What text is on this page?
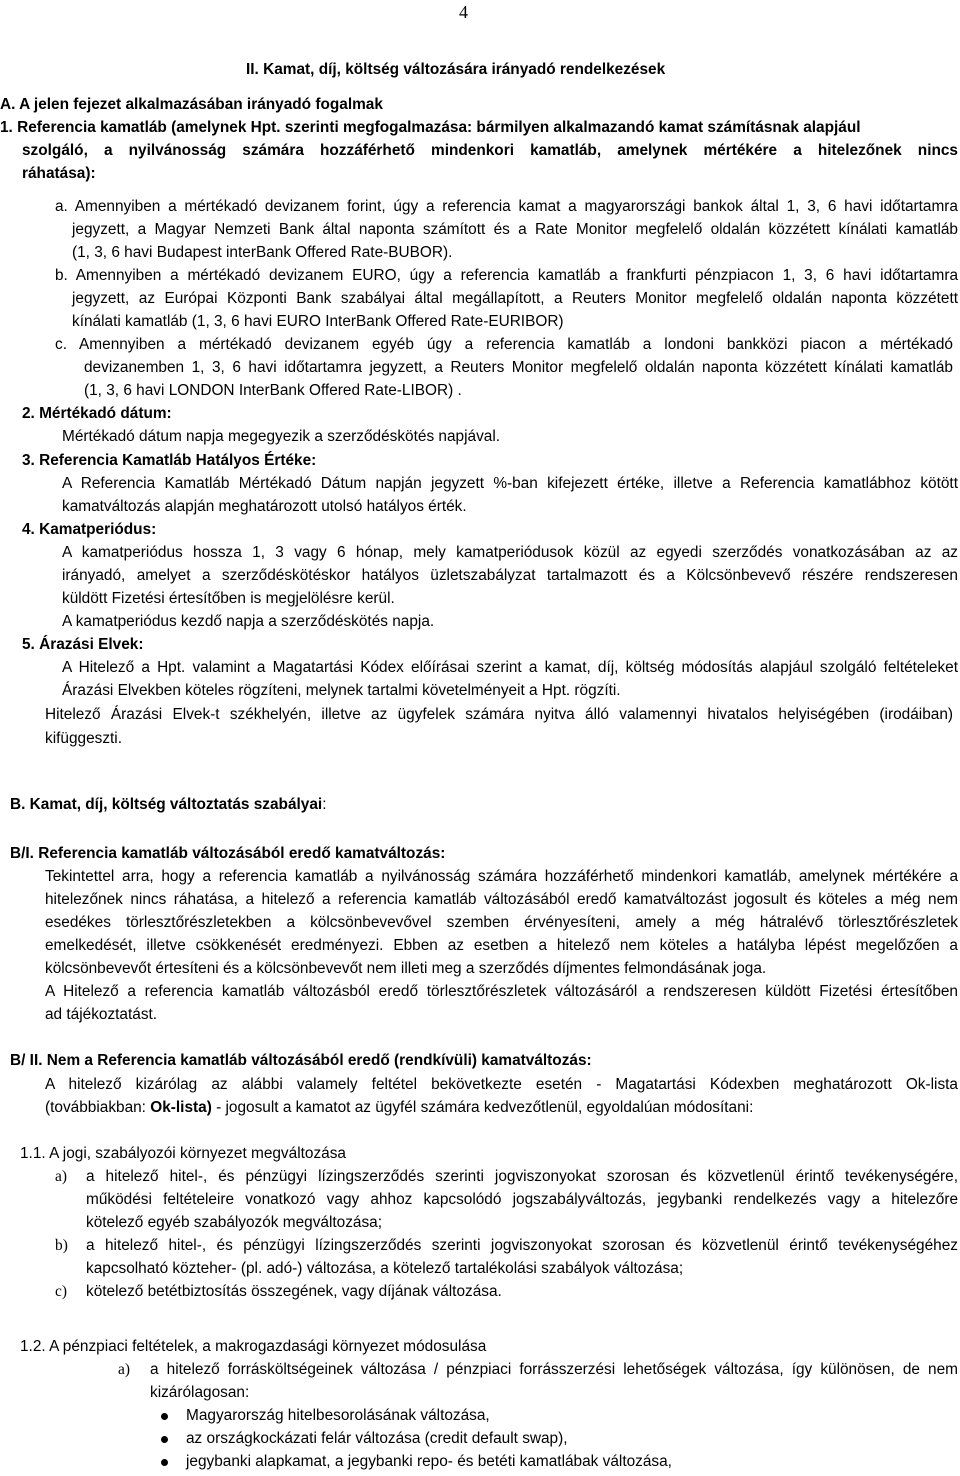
4
II. Kamat, díj, költség változására irányadó rendelkezések
A. A jelen fejezet alkalmazásában irányadó fogalmak
1. Referencia kamatláb (amelynek Hpt. szerinti megfogalmazása: bármilyen alkalmazandó kamat számításnak alapjául
szolgáló, a nyilvánosság számára hozzáférhető mindenkori kamatláb, amelynek mértékére a hitelezőnek nincs
ráhatása):
a. Amennyiben a mértékadó devizanem forint, úgy a referencia kamat a magyarországi bankok által 1, 3, 6 havi időtartamra
jegyzett, a Magyar Nemzeti Bank által naponta számított és a Rate Monitor megfelelő oldalán közzétett kínálati kamatláb
(1, 3, 6 havi Budapest interBank Offered Rate-BUBOR).
b. Amennyiben a mértékadó devizanem EURO, úgy a referencia kamatláb a frankfurti pénzpiacon 1, 3, 6 havi időtartamra
jegyzett, az Európai Központi Bank szabályai által megállapított, a Reuters Monitor megfelelő oldalán naponta közzétett
kínálati kamatláb (1, 3, 6 havi EURO InterBank Offered Rate-EURIBOR)
c. Amennyiben a mértékadó devizanem egyéb úgy a referencia kamatláb a londoni bankközi piacon a mértékadó
devizanemben 1, 3, 6 havi időtartamra jegyzett, a Reuters Monitor megfelelő oldalán naponta közzétett kínálati kamatláb
(1, 3, 6 havi LONDON InterBank Offered Rate-LIBOR) .
2. Mértékadó dátum:
Mértékadó dátum napja megegyezik a szerződéskötés napjával.
3. Referencia Kamatláb Hatályos Értéke:
A Referencia Kamatláb Mértékadó Dátum napján jegyzett %-ban kifejezett értéke, illetve a Referencia kamatlábhoz kötött
kamatváltozás alapján meghatározott utolsó hatályos érték.
4. Kamatperiódus:
A kamatperiódus hossza 1, 3 vagy 6 hónap, mely kamatperiódusok közül az egyedi szerződés vonatkozásában az az
irányadó, amelyet a szerződéskötéskor hatályos üzletszabályzat tartalmazott és a Kölcsönbevevő részére rendszeresen
küldött Fizetési értesítőben is megjelölésre kerül.
A kamatperiódus kezdő napja a szerződéskötés napja.
5. Árazási Elvek:
A Hitelező a Hpt. valamint a Magatartási Kódex előírásai szerint a kamat, díj, költség módosítás alapjául szolgáló feltételeket
Árazási Elvekben köteles rögzíteni, melynek tartalmi követelményeit a Hpt. rögzíti.
Hitelező Árazási Elvek-t székhelyén, illetve az ügyfelek számára nyitva álló valamennyi hivatalos helyiségében (irodáiban)
kifüggeszti.
B. Kamat, díj, költség változtatás szabályai:
B/I. Referencia kamatláb változásából eredő kamatváltozás:
Tekintettel arra, hogy a referencia kamatláb a nyilvánosság számára hozzáférhető mindenkori kamatláb, amelynek mértékére a
hitelezőnek nincs ráhatása, a hitelező a referencia kamatláb változásából eredő kamatváltozást jogosult és köteles a még nem
esedékes törlesztőrészletekben a kölcsönbevevővel szemben érvényesíteni, amely a még hátralévő törlesztőrészletek
emelkedését, illetve csökkenését eredményezi. Ebben az esetben a hitelező nem köteles a hatályba lépést megelőzően a
kölcsönbevevőt értesíteni és a kölcsönbevevőt nem illeti meg a szerződés díjmentes felmondásának joga.
A Hitelező a referencia kamatláb változásból eredő törlesztőrészletek változásáról a rendszeresen küldött Fizetési értesítőben
ad tájékoztatást.
B/ II. Nem a Referencia kamatláb változásából eredő (rendkívüli) kamatváltozás:
A hitelező kizárólag az alábbi valamely feltétel bekövetkezte esetén - Magatartási Kódexben meghatározott Ok-lista
(továbbiakban: Ok-lista) - jogosult a kamatot az ügyfél számára kedvezőtlenül, egyoldalúan módosítani:
1.1. A jogi, szabályozói környezet megváltozása
a) a hitelező hitel-, és pénzügyi lízingszerződés szerinti jogviszonyokat szorosan és közvetlenül érintő tevékenységére,
működési feltételeire vonatkozó vagy ahhoz kapcsolódó jogszabályváltozás, jegybanki rendelkezés vagy a hitelezőre
kötelező egyéb szabályozók megváltozása;
b) a hitelező hitel-, és pénzügyi lízingszerződés szerinti jogviszonyokat szorosan és közvetlenül érintő tevékenységéhez
kapcsolható közteher- (pl. adó-) változása, a kötelező tartalékolási szabályok változása;
c) kötelező betétbiztosítás összegének, vagy díjának változása.
1.2. A pénzpiaci feltételek, a makrogazdasági környezet módosulása
a) a hitelező forrásköltségeinek változása / pénzpiaci forrásszerzési lehetőségek változása, így különösen, de nem
kizárólagosan:
Magyarország hitelbesorolásának változása,
az országkockázati felár változása (credit default swap),
jegybanki alapkamat, a jegybanki repo- és betéti kamatlábak változása,
